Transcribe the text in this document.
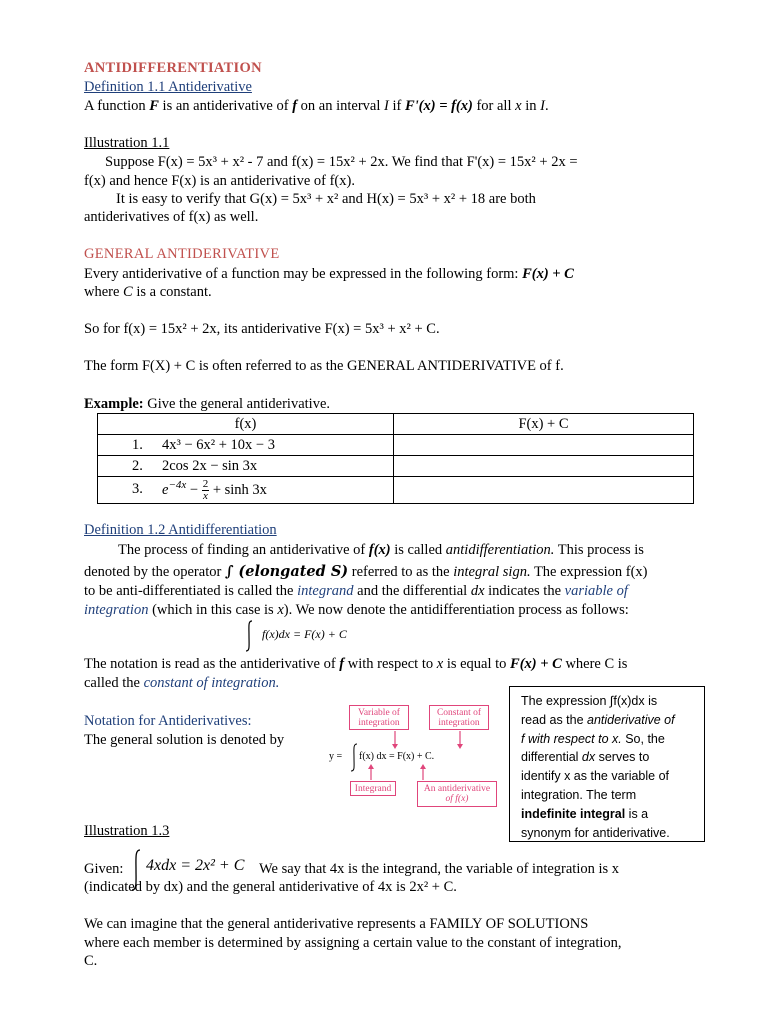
ANTIDIFFERENTIATION
Definition 1.1 Antiderivative
A function F is an antiderivative of f on an interval I if F'(x) = f(x) for all x in I.
Illustration 1.1
Suppose F(x) = 5x³ + x² - 7 and f(x) = 15x² + 2x. We find that F'(x) = 15x² + 2x =
f(x) and hence F(x) is an antiderivative of f(x).
It is easy to verify that G(x) = 5x³ + x² and H(x) = 5x³ + x² + 18 are both
antiderivatives of f(x) as well.
GENERAL ANTIDERIVATIVE
Every antiderivative of a function may be expressed in the following form: F(x) + C
where C is a constant.
So for f(x) = 15x² + 2x, its antiderivative F(x) = 5x³ + x² + C.
The form F(X) + C is often referred to as the GENERAL ANTIDERIVATIVE of f.
Example: Give the general antiderivative.
f(x)	F(x) + C
1. 4x³ − 6x² + 10x − 3	
2. 2cos 2x − sin 3x	
3. $e^{-4x} - \frac{2}{x} + \sinh 3x$	
Definition 1.2 Antidifferentiation
The process of finding an antiderivative of f(x) is called antidifferentiation. This process is
denoted by the operator ∫ (elongated S) referred to as the integral sign. The expression f(x)
to be anti-differentiated is called the integrand and the differential dx indicates the variable of
integration (which in this case is x). We now denote the antidifferentiation process as follows:
f(x)dx = F(x) + C
The notation is read as the antiderivative of f with respect to x is equal to F(x) + C where C is
called the constant of integration.
Notation for Antiderivatives:
The general solution is denoted by
Variable of
integration
Constant of
integration
y = f(x) dx = F(x) + C.
Integrand	An antiderivative
of f(x)
The expression ∫f(x)dx is
read as the antiderivative of
f with respect to x. So, the
differential dx serves to
identify x as the variable of
integration. The term
indefinite integral is a
synonym for antiderivative.
Illustration 1.3
Given: 4xdx = 2x² + C We say that 4x is the integrand, the variable of integration is x
(indicated by dx) and the general antiderivative of 4x is 2x² + C.
We can imagine that the general antiderivative represents a FAMILY OF SOLUTIONS
where each member is determined by assigning a certain value to the constant of integration,
C.
